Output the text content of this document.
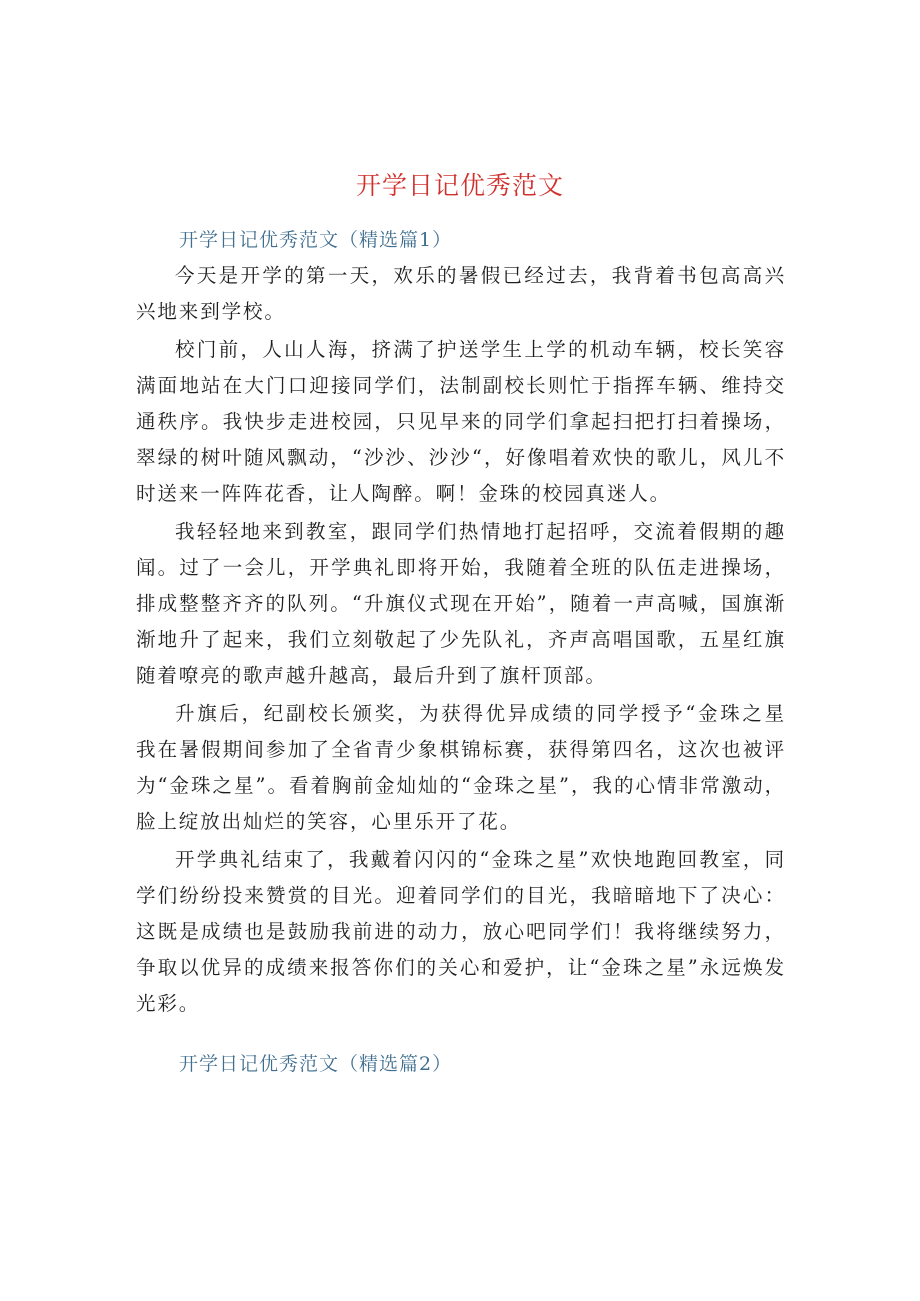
开学日记优秀范文
开学日记优秀范文（精选篇1）

今天是开学的第一天，欢乐的暑假已经过去，我背着书包高高兴兴地来到学校。

校门前，人山人海，挤满了护送学生上学的机动车辆，校长笑容满面地站在大门口迎接同学们，法制副校长则忙于指挥车辆、维持交通秩序。我快步走进校园，只见早来的同学们拿起扫把打扫着操场，翠绿的树叶随风飘动，“沙沙、沙沙“，好像唱着欢快的歌儿，风儿不时送来一阵阵花香，让人陶醉。啊！金珠的校园真迷人。

我轻轻地来到教室，跟同学们热情地打起招呼，交流着假期的趣闻。过了一会儿，开学典礼即将开始，我随着全班的队伍走进操场，排成整整齐齐的队列。“升旗仪式现在开始”，随着一声高喊，国旗渐渐地升了起来，我们立刻敬起了少先队礼，齐声高唱国歌，五星红旗随着嘹亮的歌声越升越高，最后升到了旗杆顶部。

升旗后，纪副校长颁奖，为获得优异成绩的同学授予“金珠之星我在暑假期间参加了全省青少象棋锦标赛，获得第四名，这次也被评为“金珠之星”。看着胸前金灿灿的“金珠之星”，我的心情非常激动，脸上绽放出灿烂的笑容，心里乐开了花。

开学典礼结束了，我戴着闪闪的“金珠之星”欢快地跑回教室，同学们纷纷投来赞赏的目光。迎着同学们的目光，我暗暗地下了决心：这既是成绩也是鼓励我前进的动力，放心吧同学们！我将继续努力，争取以优异的成绩来报答你们的关心和爱护，让“金珠之星”永远焕发光彩。

开学日记优秀范文（精选篇2）
